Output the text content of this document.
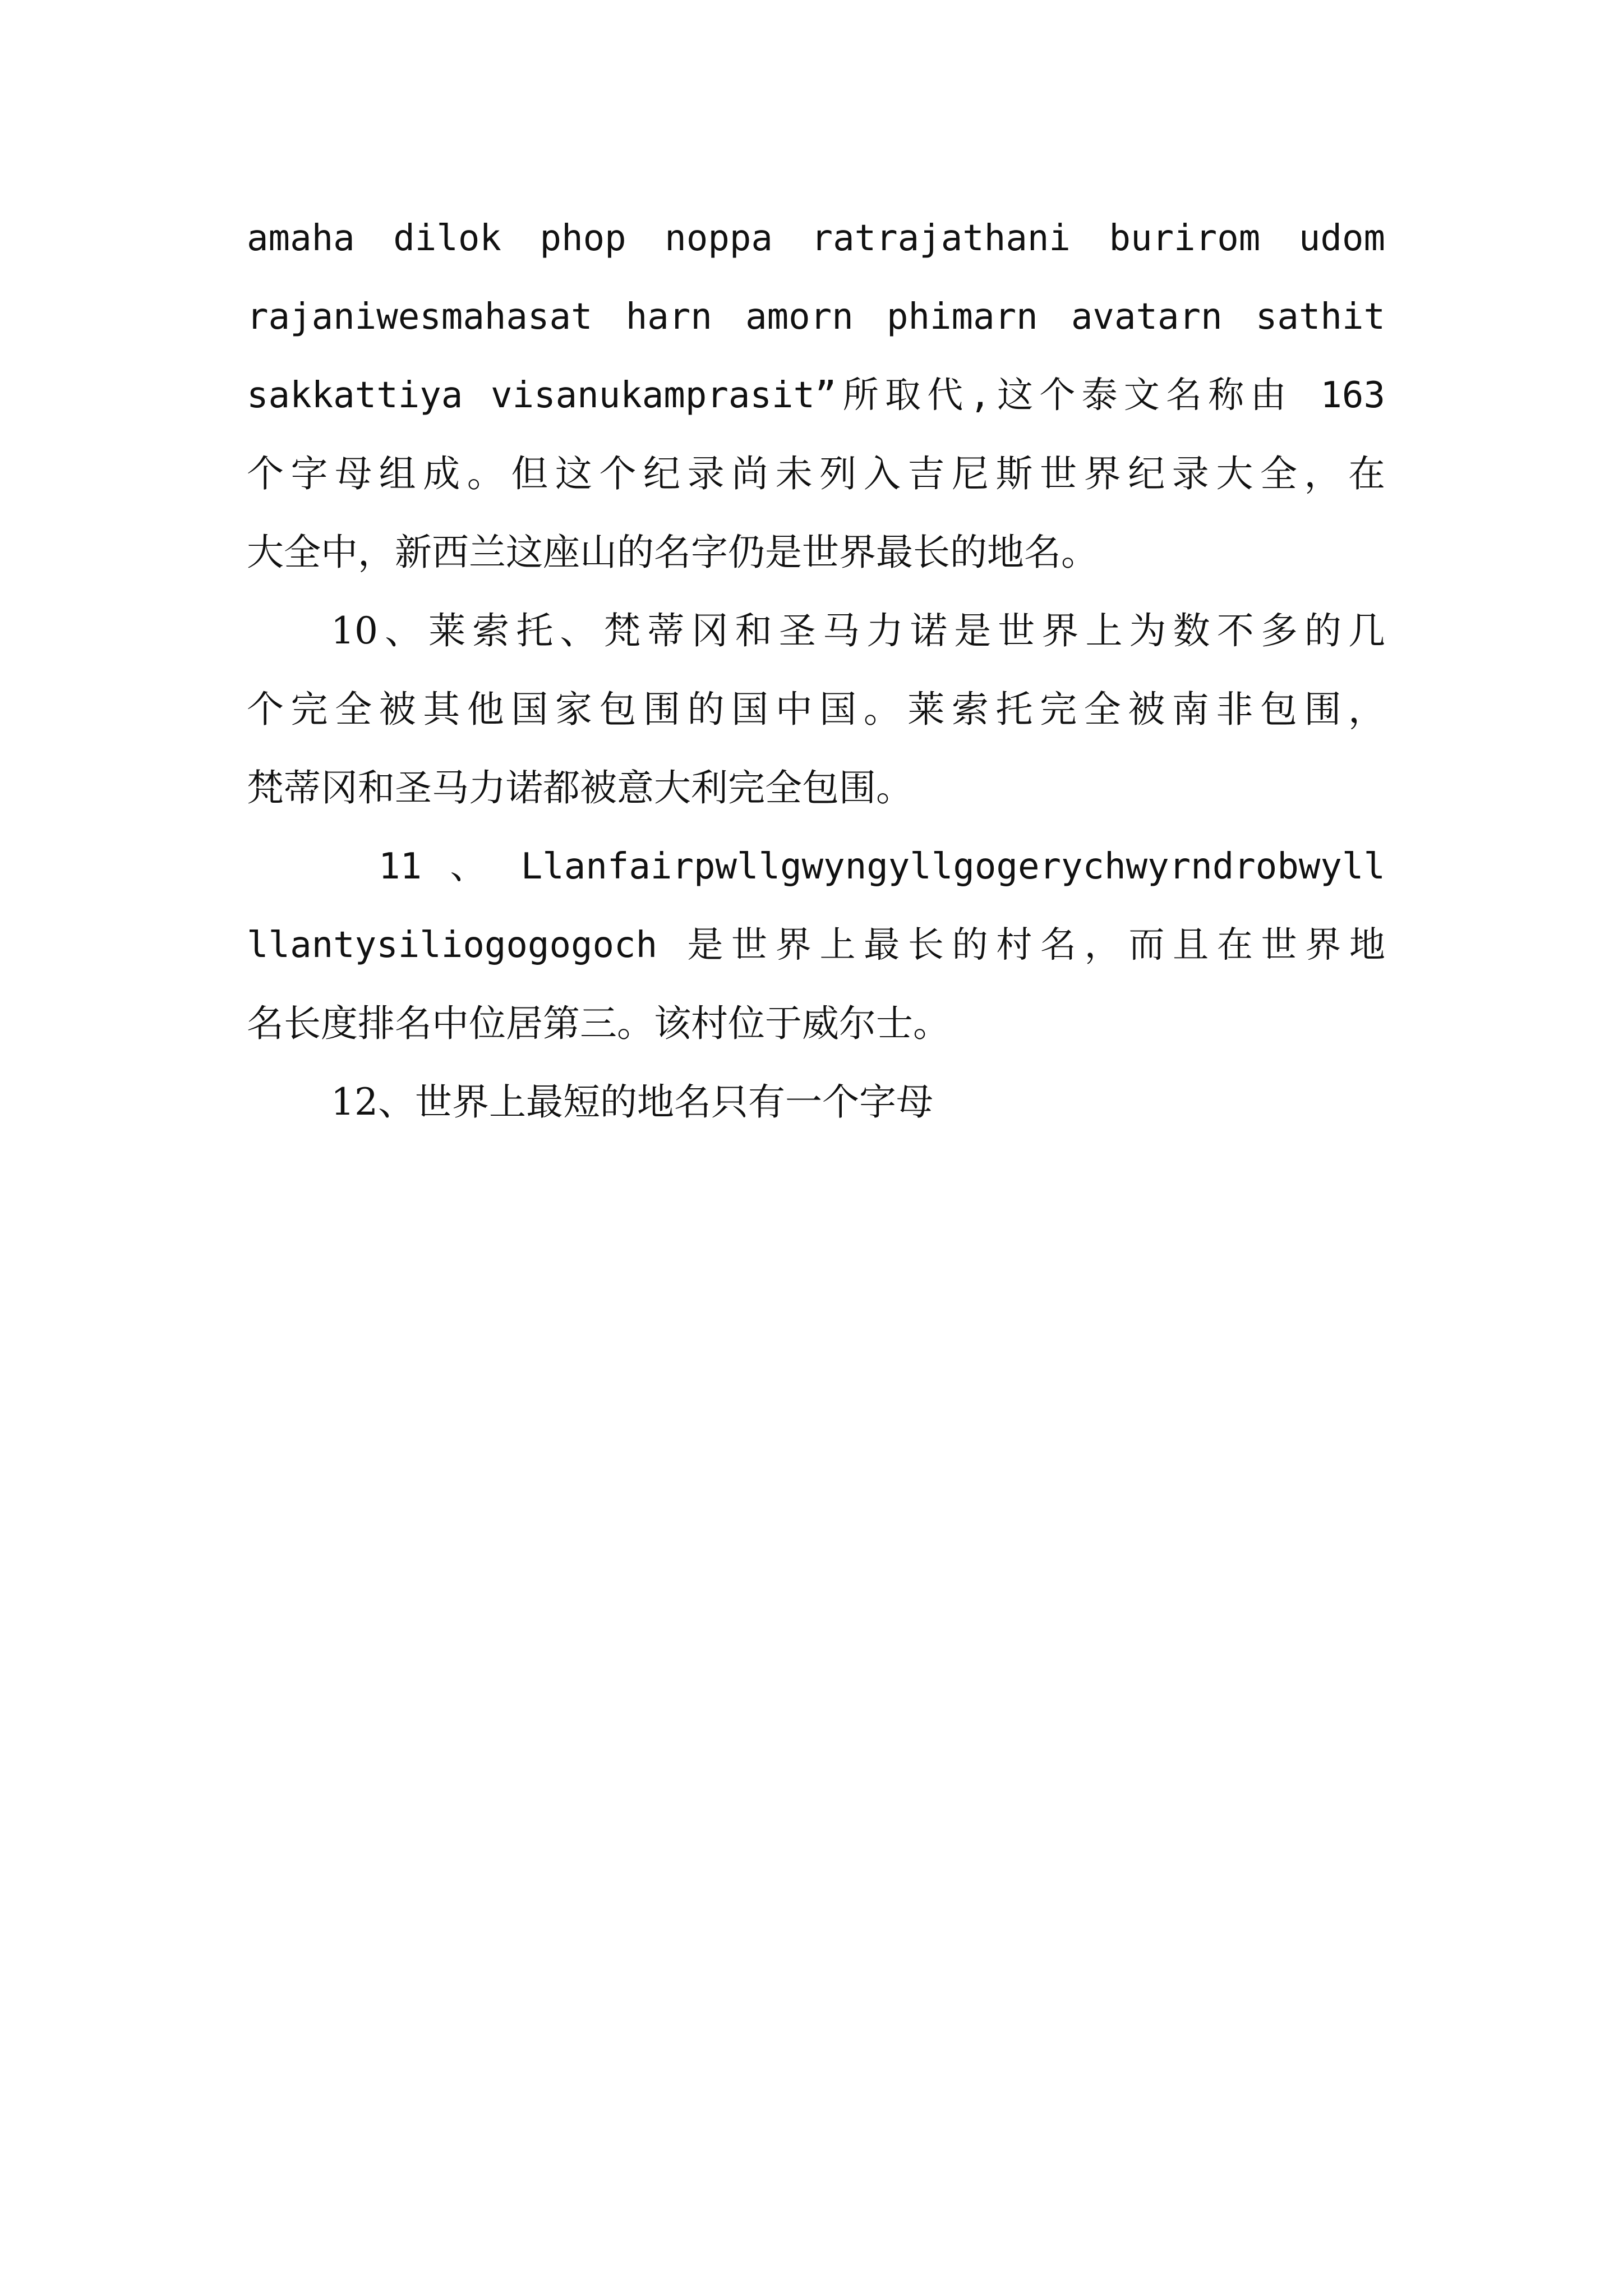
amaha dilok phop noppa ratrajathani burirom udom
rajaniwesmahasat harn amorn phimarn avatarn sathit
sakkattiya visanukamprasit”所取代,这个泰文名称由 163
个字母组成。但这个纪录尚未列入吉尼斯世界纪录大全，在
大全中，新西兰这座山的名字仍是世界最长的地名。
10、莱索托、梵蒂冈和圣马力诺是世界上为数不多的几
个完全被其他国家包围的国中国。莱索托完全被南非包围，
梵蒂冈和圣马力诺都被意大利完全包围。
11 、 Llanfairpwllgwyngyllgogerychwyrndrobwyll
llantysiliogogogoch 是世界上最长的村名，而且在世界地
名长度排名中位居第三。该村位于威尔士。
12、世界上最短的地名只有一个字母
